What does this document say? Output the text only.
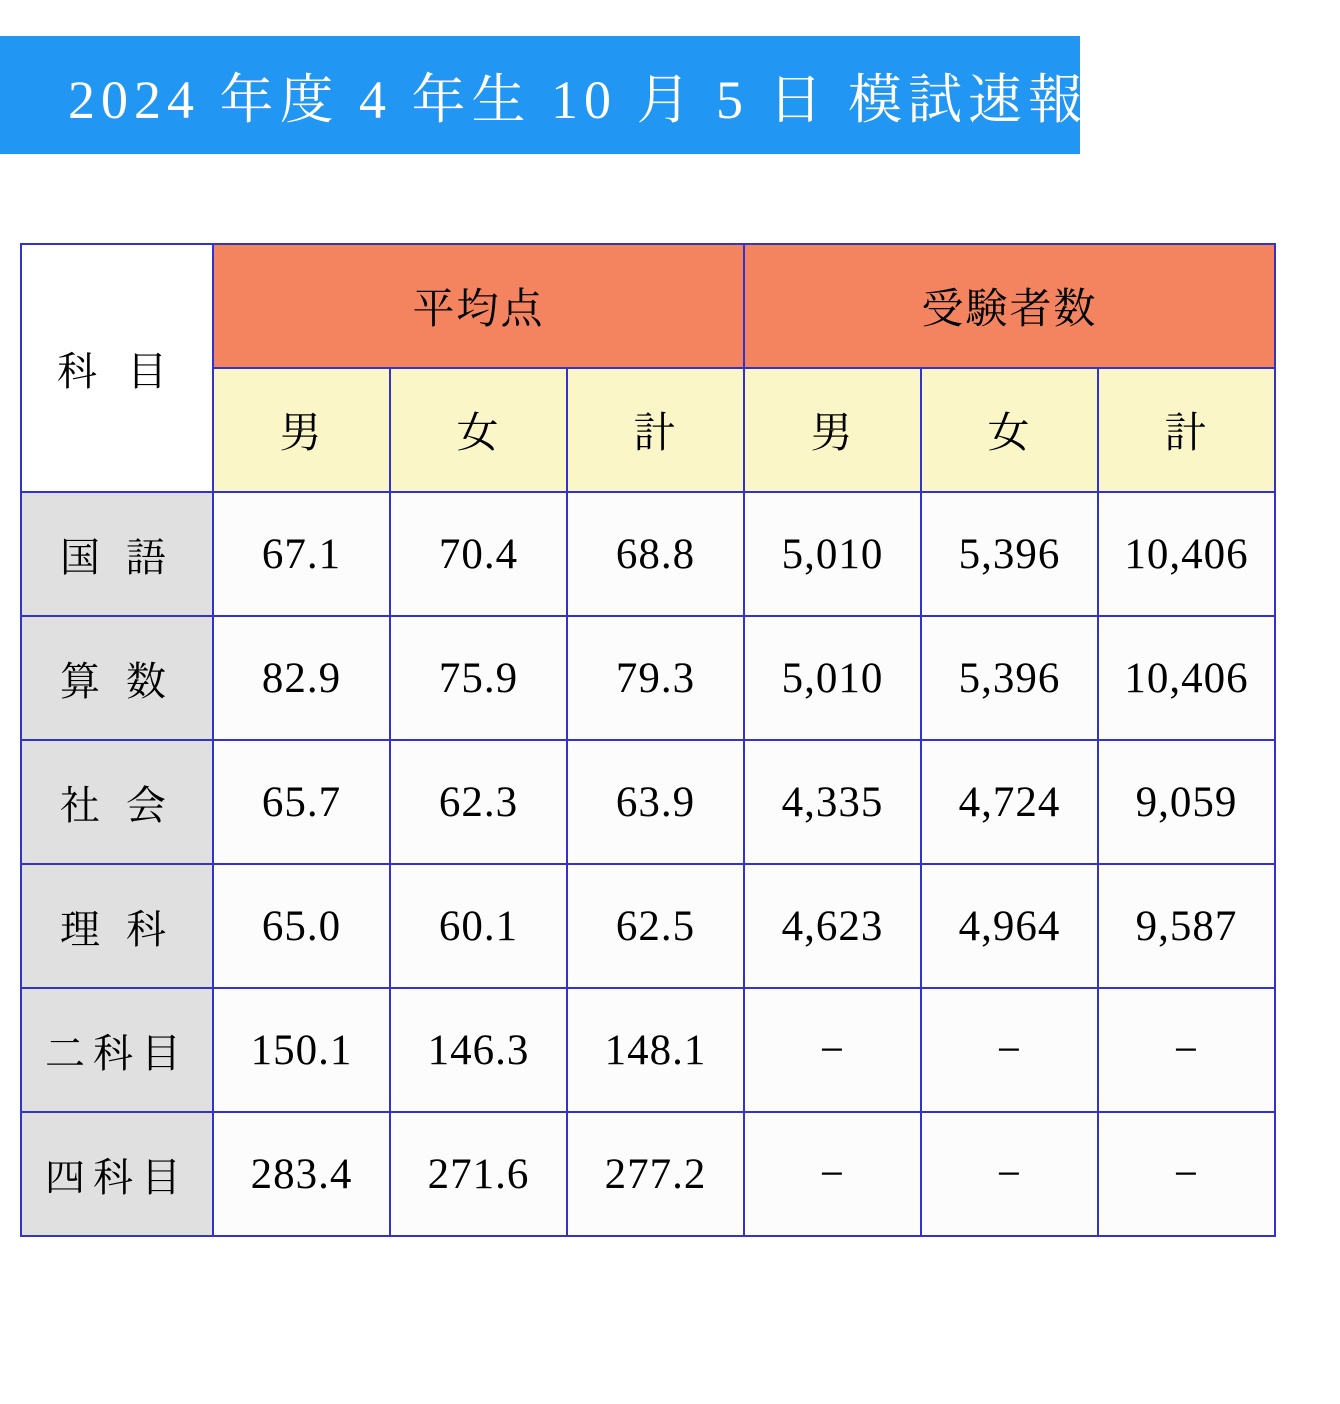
2024 年度 4 年生 10 月 5 日 模試速報
科 目	平均点			受験者数		
	男	女	計	男	女	計
国 語	67.1	70.4	68.8	5,010	5,396	10,406
算 数	82.9	75.9	79.3	5,010	5,396	10,406
社 会	65.7	62.3	63.9	4,335	4,724	9,059
理 科	65.0	60.1	62.5	4,623	4,964	9,587
二科目	150.1	146.3	148.1	−	−	−
四科目	283.4	271.6	277.2	−	−	−
